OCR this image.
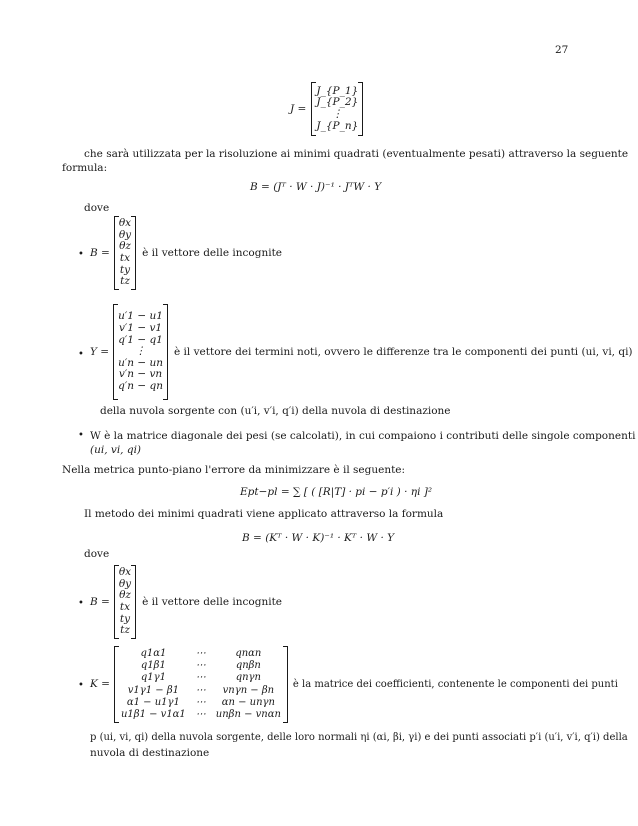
27
J =
J_{P_1}
J_{P_2}
⋮
J_{P_n}
che sarà utilizzata per la risoluzione ai minimi quadrati (eventualmente pesati) attraverso la seguente
formula:
B = (Jᵀ · W · J)⁻¹ · JᵀW · Y
dove
• B =
θx
θy
θz
tx
ty
tz
è il vettore delle incognite
• Y =
u′1 − u1
v′1 − v1
q′1 − q1
⋮
u′n − un
v′n − vn
q′n − qn
è il vettore dei termini noti, ovvero le differenze tra le componenti dei punti (ui, vi, qi)
della nuvola sorgente con (u′i, v′i, q′i) della nuvola di destinazione
• W è la matrice diagonale dei pesi (se calcolati), in cui compaiono i contributi delle singole componenti
(ui, vi, qi)
Nella metrica punto-piano l'errore da minimizzare è il seguente:
Ept−pl = ∑ [ ( [R|T] · pi − p′i ) · ηi ]²
Il metodo dei minimi quadrati viene applicato attraverso la formula
B = (Kᵀ · W · K)⁻¹ · Kᵀ · W · Y
dove
• B =
θx
θy
θz
tx
ty
tz
è il vettore delle incognite
• K =
q1α1	⋯	qnαn
q1β1	⋯	qnβn
q1γ1	⋯	qnγn
v1γ1 − β1	⋯	vnγn − βn
α1 − u1γ1	⋯	αn − unγn
u1β1 − v1α1 ⋯ unβn − vnαn
è la matrice dei coefficienti, contenente le componenti dei punti
p (ui, vi, qi) della nuvola sorgente, delle loro normali ηi (αi, βi, γi) e dei punti associati p′i (u′i, v′i, q′i) della
nuvola di destinazione
